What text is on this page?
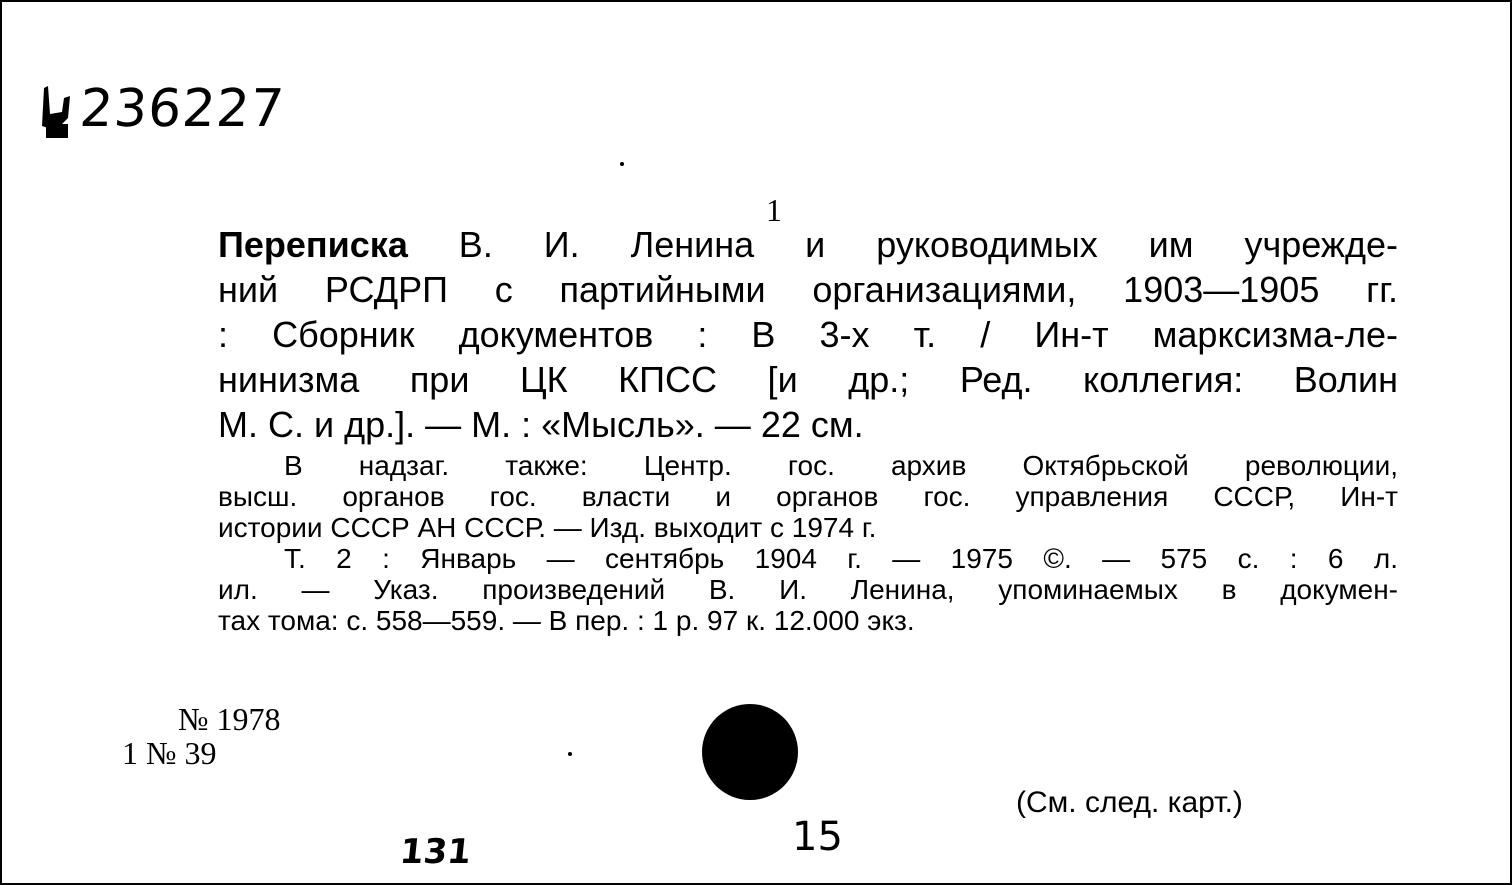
236227
1
Переписка В. И. Ленина и руководимых им учрежде-
ний РСДРП с партийными организациями, 1903—1905 гг.
: Сборник документов : В 3-х т. / Ин-т марксизма-ле-
нинизма при ЦК КПСС [и др.; Ред. коллегия: Волин
М. С. и др.]. — М. : «Мысль». — 22 см.
В надзаг. также: Центр. гос. архив Октябрьской революции,
высш. органов гос. власти и органов гос. управления СССР, Ин-т
истории СССР АН СССР. — Изд. выходит с 1974 г.
Т. 2 : Январь — сентябрь 1904 г. — 1975 ©. — 575 с. : 6 л.
ил. — Указ. произведений В. И. Ленина, упоминаемых в докумен-
тах тома: с. 558—559. — В пер. : 1 р. 97 к. 12.000 экз.
№ 1978
1 № 39
(См. след. карт.)
131	15
